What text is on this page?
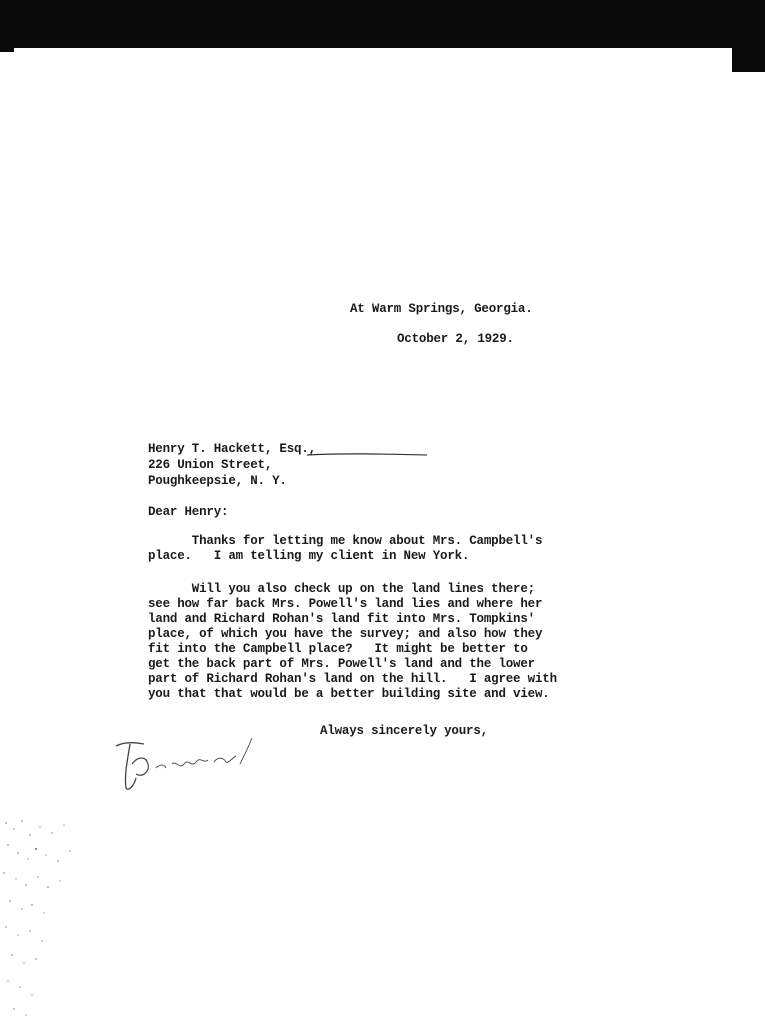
At Warm Springs, Georgia.
October 2, 1929.
Henry T. Hackett, Esq.,
226 Union Street,
Poughkeepsie, N. Y.
Dear Henry:
Thanks for letting me know about Mrs. Campbell's
place.   I am telling my client in New York.
Will you also check up on the land lines there;
see how far back Mrs. Powell's land lies and where her
land and Richard Rohan's land fit into Mrs. Tompkins'
place, of which you have the survey; and also how they
fit into the Campbell place?   It might be better to
get the back part of Mrs. Powell's land and the lower
part of Richard Rohan's land on the hill.   I agree with
you that that would be a better building site and view.
Always sincerely yours,
